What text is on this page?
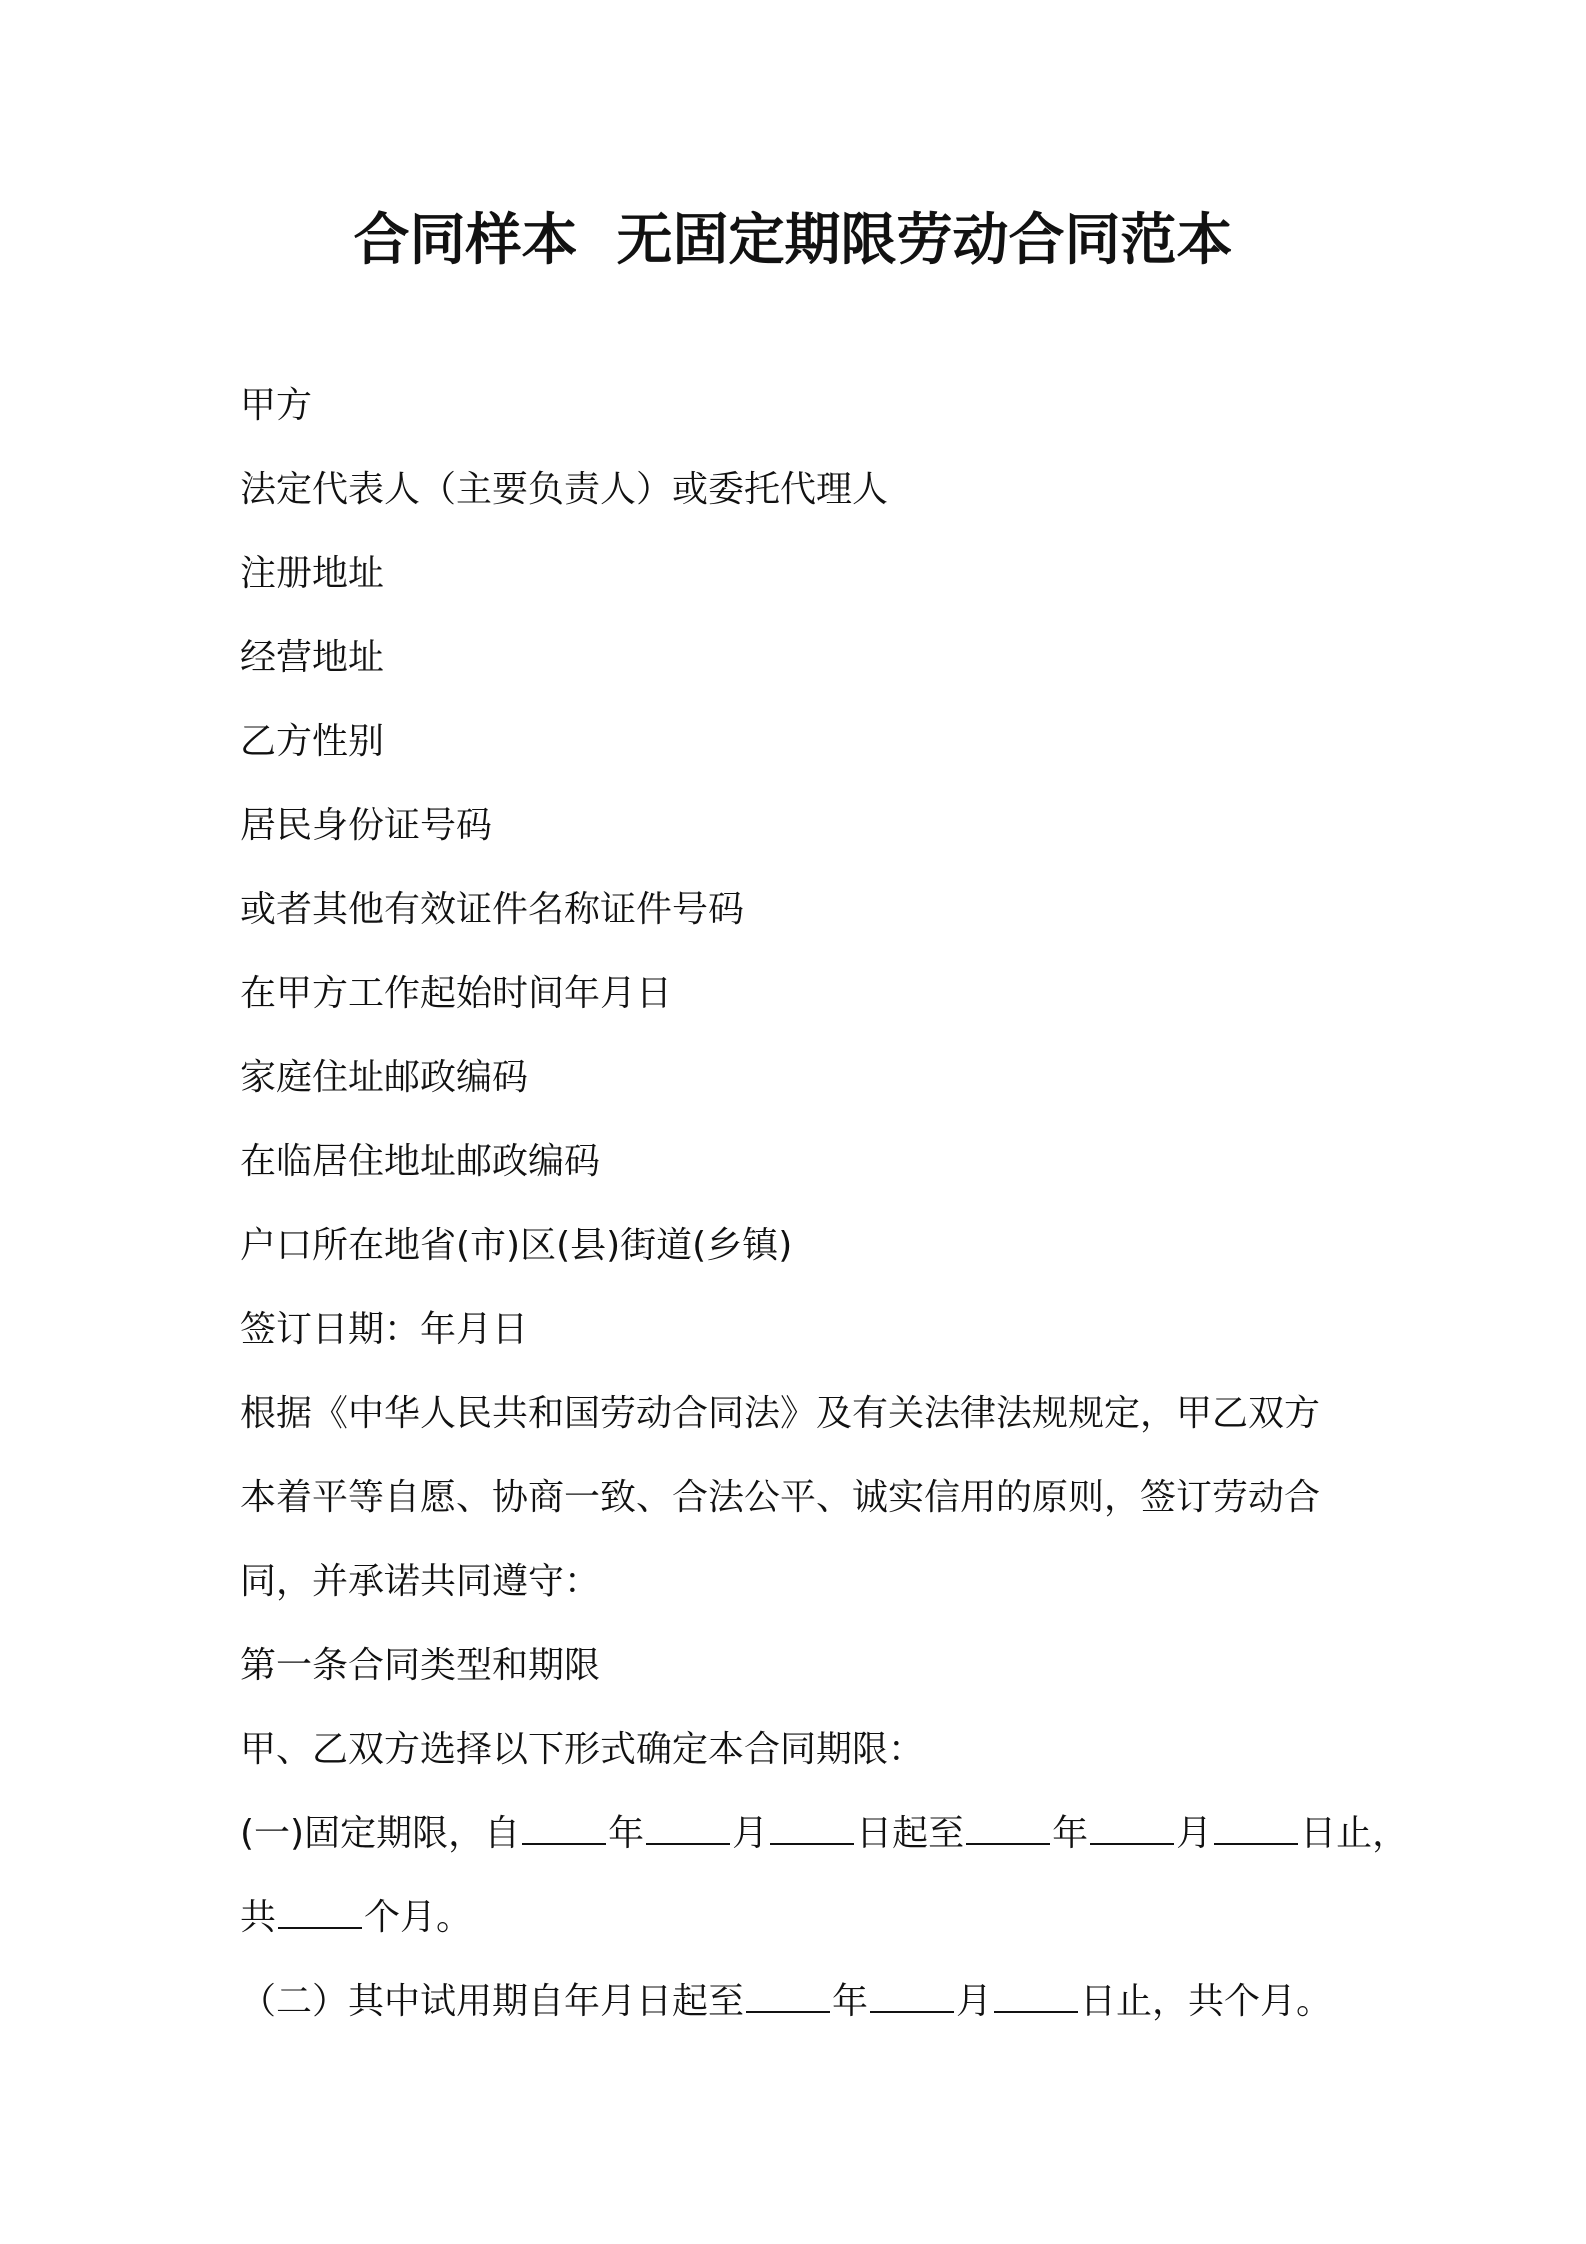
合同样本  无固定期限劳动合同范本
甲方
法定代表人（主要负责人）或委托代理人
注册地址
经营地址
乙方性别
居民身份证号码
或者其他有效证件名称证件号码
在甲方工作起始时间年月日
家庭住址邮政编码
在临居住地址邮政编码
户口所在地省(市)区(县)街道(乡镇)
签订日期：年月日
根据《中华人民共和国劳动合同法》及有关法律法规规定，甲乙双方
本着平等自愿、协商一致、合法公平、诚实信用的原则，签订劳动合
同，并承诺共同遵守：
第一条合同类型和期限
甲、乙双方选择以下形式确定本合同期限：
(一)固定期限，自 年 月 日起至 年 月 日止，
共 个月。
（二）其中试用期自年月日起至 年 月 日止，共个月。
